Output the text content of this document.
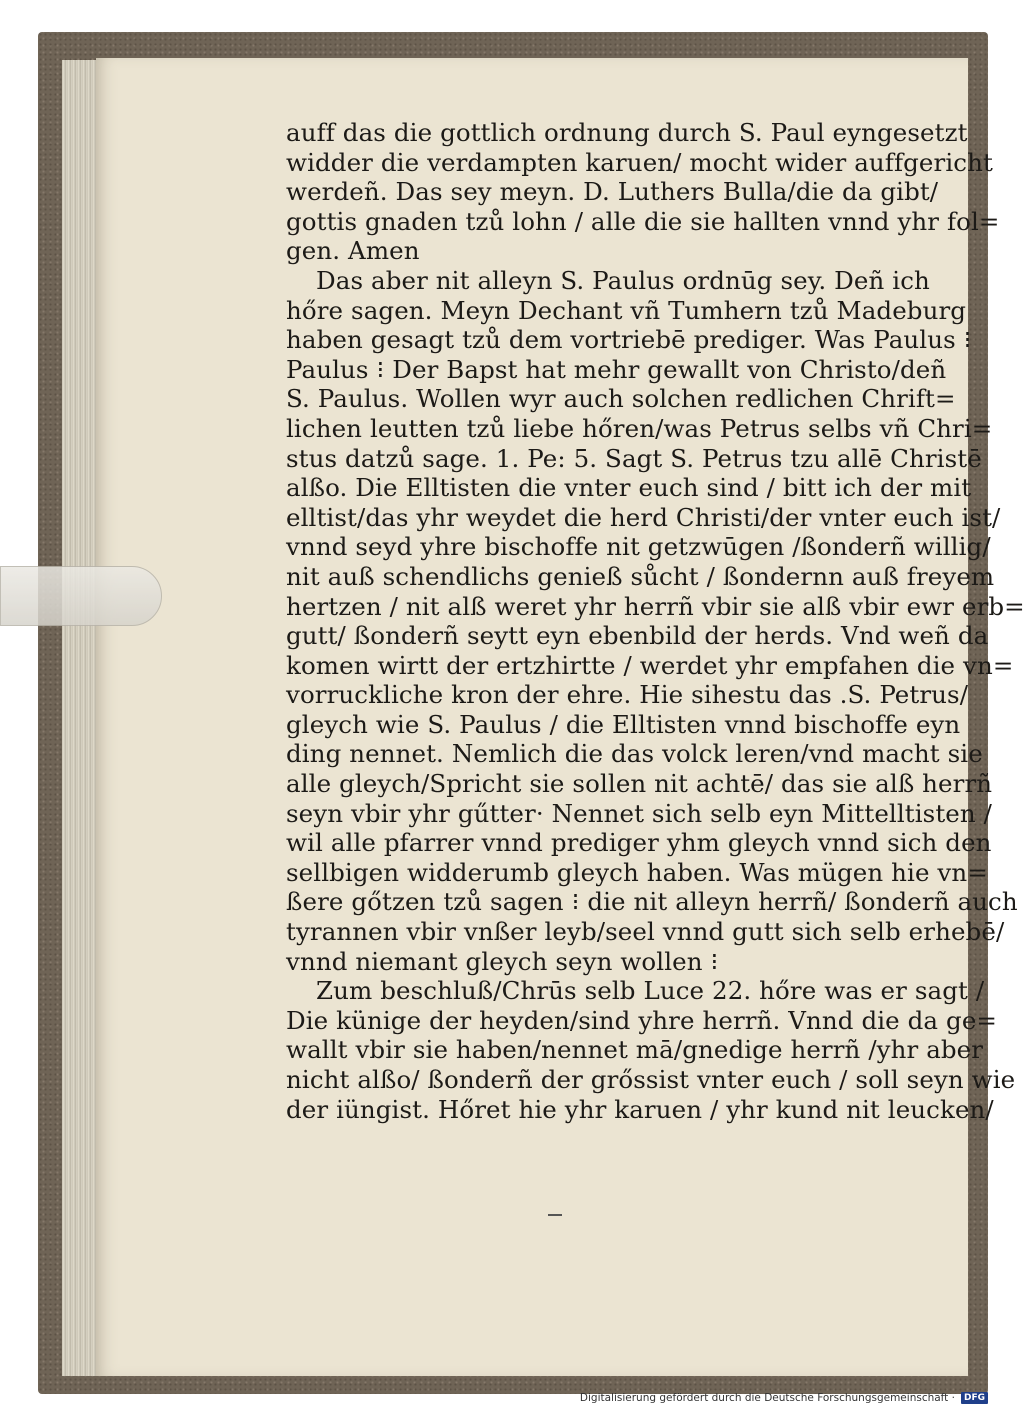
auff das die gottlich ordnung durch S. Paul eyngesetzt
widder die verdampten karuen/ mocht wider auffgericht
werdeñ. Das sey meyn. D. Luthers Bulla/die da gibt/
gottis gnaden tzů lohn / alle die sie hallten vnnd yhr fol=
gen. Amen
Das aber nit alleyn S. Paulus ordnūg sey. Deñ ich
hőre sagen. Meyn Dechant vñ Tumhern tzů Madeburg
haben gesagt tzů dem vortriebē prediger. Was Paulus ⁝
Paulus ⁝ Der Bapst hat mehr gewallt von Christo/deñ
S. Paulus. Wollen wyr auch solchen redlichen Chrift=
lichen leutten tzů liebe hőren/was Petrus selbs vñ Chri=
stus datzů sage. 1. Pe: 5. Sagt S. Petrus tzu allē Christē
alßo. Die Elltisten die vnter euch sind / bitt ich der mit
elltist/das yhr weydet die herd Christi/der vnter euch ist/
vnnd seyd yhre bischoffe nit getzwūgen /ßonderñ willig/
nit auß schendlichs genieß sůcht / ßondernn auß freyem
hertzen / nit alß weret yhr herrñ vbir sie alß vbir ewr erb=
gutt/ ßonderñ seytt eyn ebenbild der herds. Vnd weñ da
komen wirtt der ertzhirtte / werdet yhr empfahen die vn=
vorruckliche kron der ehre. Hie sihestu das .S. Petrus/
gleych wie S. Paulus / die Elltisten vnnd bischoffe eyn
ding nennet. Nemlich die das volck leren/vnd macht sie
alle gleych/Spricht sie sollen nit achtē/ das sie alß herrñ
seyn vbir yhr gűtter· Nennet sich selb eyn Mittelltisten /
wil alle pfarrer vnnd prediger yhm gleych vnnd sich den
sellbigen widderumb gleych haben. Was mügen hie vn=
ßere gőtzen tzů sagen ⁝ die nit alleyn herrñ/ ßonderñ auch
tyrannen vbir vnßer leyb/seel vnnd gutt sich selb erhebē/
vnnd niemant gleych seyn wollen ⁝
Zum beschluß/Chrūs selb Luce 22. hőre was er sagt /
Die künige der heyden/sind yhre herrñ. Vnnd die da ge=
wallt vbir sie haben/nennet mā/gnedige herrñ /yhr aber
nicht alßo/ ßonderñ der grőssist vnter euch / soll seyn wie
der iüngist. Hőret hie yhr karuen / yhr kund nit leucken/
Digitalisierung gefördert durch die Deutsche Forschungsgemeinschaft ·	DFG
